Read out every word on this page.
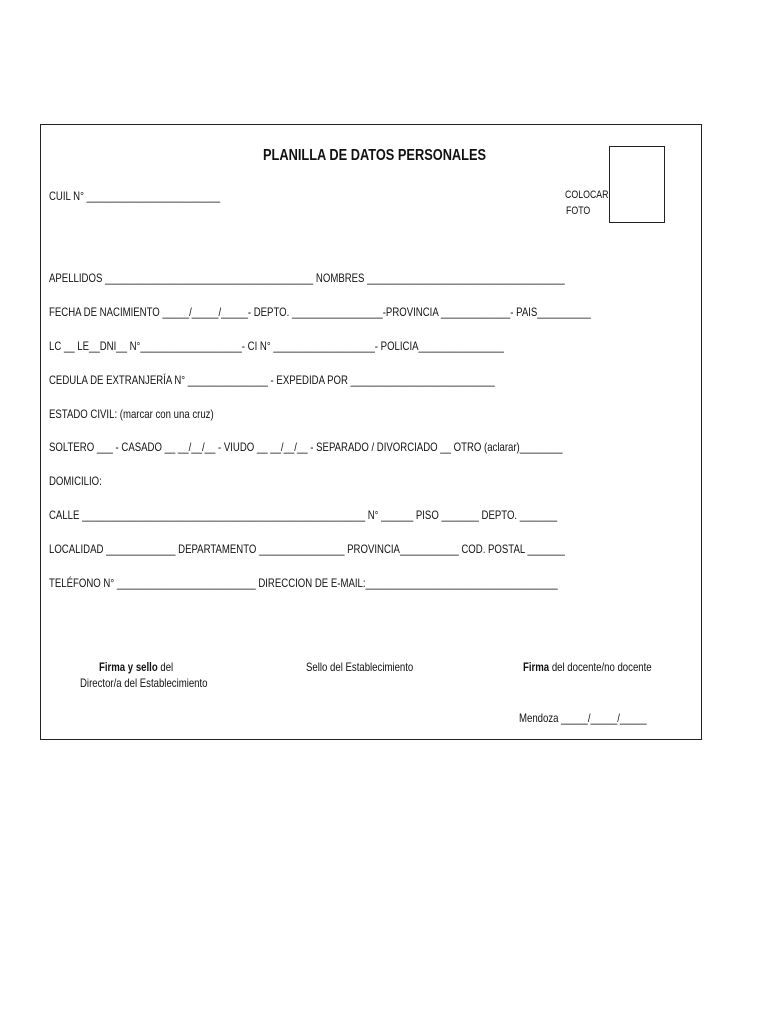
PLANILLA DE DATOS PERSONALES
COLOCAR
FOTO
CUIL N° _________________________
APELLIDOS _______________________________________ NOMBRES _____________________________________
FECHA DE NACIMIENTO _____/_____/_____- DEPTO. _________________-PROVINCIA _____________- PAIS__________
LC __ LE__DNI__ N°___________________- CI N° ___________________- POLICIA________________
CEDULA DE EXTRANJERÍA N° _______________ - EXPEDIDA POR ___________________________
ESTADO CIVIL: (marcar con una cruz)
SOLTERO ___ - CASADO __ __/__/__ - VIUDO __ __/__/__ - SEPARADO / DIVORCIADO __ OTRO (aclarar)________
DOMICILIO:
CALLE _____________________________________________________ N° ______ PISO _______ DEPTO. _______
LOCALIDAD _____________ DEPARTAMENTO ________________ PROVINCIA___________ COD. POSTAL _______
TELÉFONO N° __________________________ DIRECCION DE E-MAIL:____________________________________
Firma y sello del
Director/a del Establecimiento
Sello del Establecimiento	Firma del docente/no docente
Mendoza _____/_____/_____
